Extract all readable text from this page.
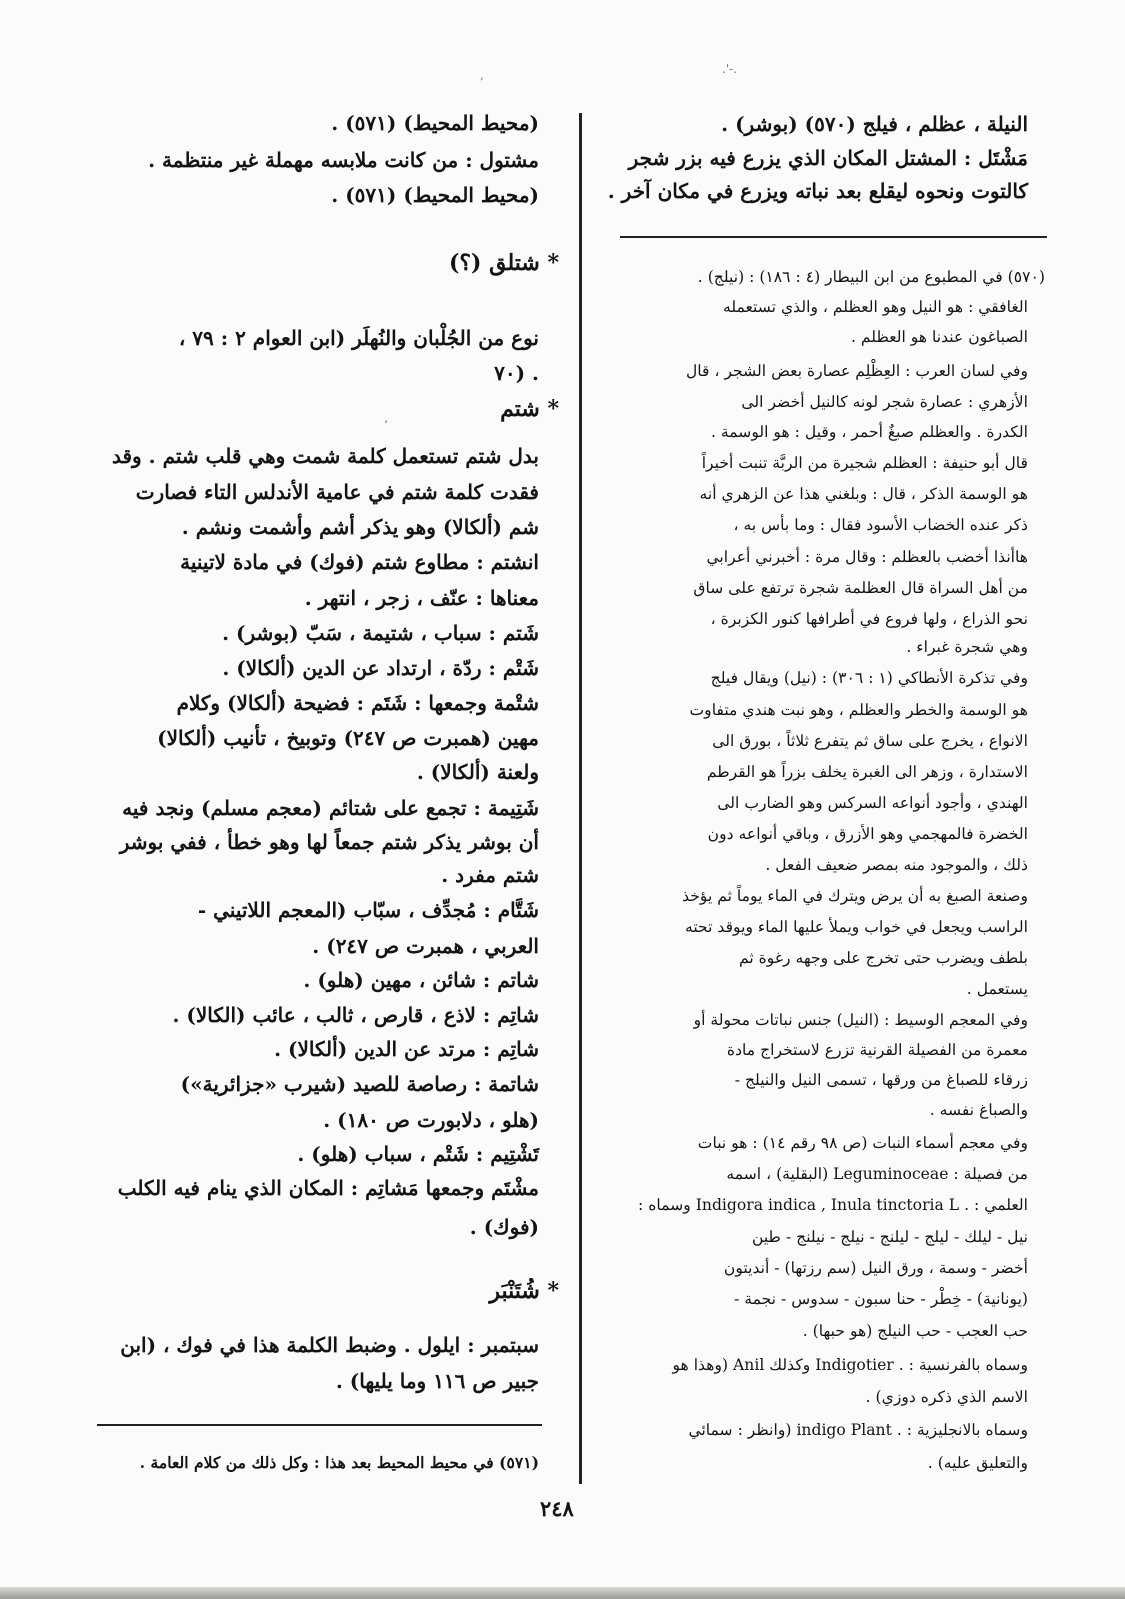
.-'.
,
،
النيلة ، عظلم ، فيلج (٥٧٠) (بوشر) .
مَشْتَل : المشتل المكان الذي يزرع فيه بزر شجر
كالتوت ونحوه ليقلع بعد نباته ويزرع في مكان آخر .
(٥٧٠) في المطبوع من ابن البيطار (٤ : ١٨٦) : (نيلج) .
الغافقي : هو النيل وهو العظلم ، والذي تستعمله
الصباغون عندنا هو العظلم .
وفي لسان العرب : العِظْلِم عصارة بعض الشجر ، قال
الأزهري : عصارة شجر لونه كالنيل أخضر الى
الكدرة . والعظلم صبغٌ أحمر ، وقيل : هو الوسمة .
قال أبو حنيفة : العظلم شجيرة من الربَّة تنبت أخيراً
هو الوسمة الذكر ، قال : وبلغني هذا عن الزهري أنه
ذكر عنده الخضاب الأسود فقال : وما بأس به ،
هاأنذا أخضب بالعظلم : وقال مرة : أخبرني أعرابي
من أهل السراة قال العظلمة شجرة ترتفع على ساق
نحو الذراع ، ولها فروع في أطرافها كنور الكزبرة ،
وهي شجرة غبراء .
وفي تذكرة الأنطاكي (١ : ٣٠٦) : (نيل) ويقال فيلج
هو الوسمة والخطر والعظلم ، وهو نبت هندي متفاوت
الانواع ، يخرج على ساق ثم يتفرع ثلاثاً ، بورق الى
الاستدارة ، وزهر الى الغبرة يخلف بزراً هو القرطم
الهندي ، وأجود أنواعه السركس وهو الضارب الى
الخضرة فالمهجمي وهو الأزرق ، وباقي أنواعه دون
ذلك ، والموجود منه بمصر ضعيف الفعل .
وصنعة الصبغ به أن يرض ويترك في الماء يوماً ثم يؤخذ
الراسب ويجعل في خواب ويملأ عليها الماء ويوقد تحته
بلطف ويضرب حتى تخرج على وجهه رغوة ثم
يستعمل .
وفي المعجم الوسيط : (النيل) جنس نباتات محولة أو
معمرة من الفصيلة القرنية تزرع لاستخراج مادة
زرقاء للصباغ من ورقها ، تسمى النيل والنيلج -
والصباغ نفسه .
وفي معجم أسماء النبات (ص ٩٨ رقم ١٤) : هو نبات
من فصيلة : Leguminoceae (البقلية) ، اسمه
العلمي : . Indigora indica , Inula tinctoria L وسماه :
نيل - ليلك - ليلج - ليلنج - نيلج - نيلنج - طين
أخضر - وسمة ، ورق النيل (سم رزتها) - أنديتون
(يونانية) - خِطْر - حنا سبون - سدوس - نجمة -
حب العجب - حب النيلج (هو حبها) .
وسماه بالفرنسية : . Indigotier وكذلك Anil (وهذا هو
الاسم الذي ذكره دوزي) .
وسماه بالانجليزية : . indigo Plant (وانظر : سمائي
والتعليق عليه) .
(محيط المحيط) (٥٧١) .
مشتول : من كانت ملابسه مهملة غير منتظمة .
(محيط المحيط) (٥٧١) .
* شتلق (؟)
نوع من الجُلْبان والنُهلَر (ابن العوام ٢ : ٧٩ ،
٧٠) .
* شتم
بدل شتم تستعمل كلمة شمت وهي قلب شتم . وقد
فقدت كلمة شتم في عامية الأندلس التاء فصارت
شم (ألكالا) وهو يذكر أشم وأشمت ونشم .
انشتم : مطاوع شتم (فوك) في مادة لاتينية
معناها : عنّف ، زجر ، انتهر .
شَتم : سباب ، شتيمة ، سَبّ (بوشر) .
شَتْم : ردّة ، ارتداد عن الدين (ألكالا) .
شتْمة وجمعها : شَتَم : فضيحة (ألكالا) وكلام
مهين (همبرت ص ٢٤٧) وتوبيخ ، تأنيب (ألكالا)
ولعنة (ألكالا) .
شَتِيمة : تجمع على شتائم (معجم مسلم) ونجد فيه
أن بوشر يذكر شتم جمعاً لها وهو خطأ ، ففي بوشر
شتم مفرد .
شَتَّام : مُجدِّف ، سبّاب (المعجم اللاتيني -
العربي ، همبرت ص ٢٤٧) .
شاتم : شائن ، مهين (هلو) .
شاتِم : لاذع ، قارص ، ثالب ، عائب (الكالا) .
شاتِم : مرتد عن الدين (ألكالا) .
شاتمة : رصاصة للصيد (شيرب «جزائرية»)
(هلو ، دلابورت ص ١٨٠) .
تَشْتِيم : شَتْم ، سباب (هلو) .
مشْتَم وجمعها مَشاتِم : المكان الذي ينام فيه الكلب
(فوك) .
* شُتَنْبَر
سبتمبر : ايلول . وضبط الكلمة هذا في فوك ، (ابن
جبير ص ١١٦ وما يليها) .
(٥٧١) في محيط المحيط بعد هذا : وكل ذلك من كلام العامة .
٢٤٨
